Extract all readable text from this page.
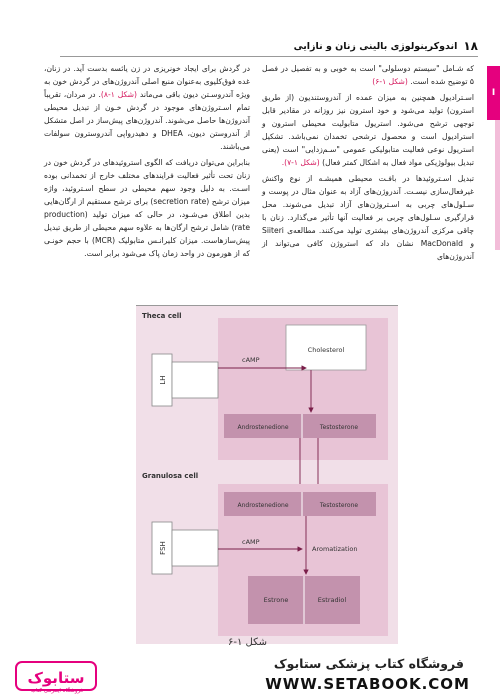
۱۸
اندوکرینولوژی بالینی زنان و نازایی
I

که شـامل "سیستم دوسلولی" است به خوبی و به تفصیل در فصل ۵ توضیح شده است. (شکل ۱-۶)

اسـترادیول همچنین به میزان عمده از آندروستندیون (از طریق استرون) تولید می‌شود و خود استرون نیز روزانه در مقادیر قابل توجهی ترشح می‌شود. استریول متابولیت محیطی استرون و استرادیول است و محصول ترشحی تخمدان نمی‌باشد. تشکیل استریول نوعی فعالیت متابولیکی عمومی "سـم‌زدایی" است (یعنی تبدیل بیولوژیکی مواد فعال به اشکال کمتر فعال) (شکل ۱-۷).

تبدیل اسـتروئیدها در بافـت محیطی همیشـه از نوع واکنش غیرفعال‌سازی نیسـت. آندروژن‌های آزاد به عنوان مثال در پوست و سـلول‌های چربی به اسـتروژن‌های آزاد تبدیل می‌شوند. محل قرارگیری سـلول‌های چربی بر فعالیت آنها تأثیر می‌گذارد. زنان با چاقی مرکزی آندروژن‌های بیشتری تولید می‌کنند. مطالعه‌ی Siiteri و MacDonald نشان داد که استروژن کافی می‌تواند از آندروژن‌های

در گردش برای ایجاد خونریزی در زن یائسه بدست آید. در زنان، غده فوق‌کلیوی به‌عنوان منبع اصلی آندروژن‌های در گردش خون به ویژه آندروسـتن دیون باقی می‌ماند (شکل ۱-۸). در مردان، تقریباً تمام اسـتروژن‌های موجود در گردش خـون از تبدیل محیطی آندروژن‌ها حاصل می‌شوند. آندروژن‌های پیش‌ساز در اصل متشکل از آندروستن دیون، DHEA و دهیدرواپی آندروسترون سولفات می‌باشند.

بنابراین می‌توان دریافت که الگوی استروئیدهای در گردش خون در زنان تحت تأثیر فعالیت فرایندهای مختلف خارج از تخمدانی بوده اسـت. به دلیل وجود سهم محیطی در سطح اسـتروئید، واژه میزان ترشح (secretion rate) برای ترشح مستقیم از ارگان‌هایی بدین اطلاق می‌شـود، در حالی که میزان تولید (production rate) شامل ترشح ارگان‌ها به علاوه سهم محیطی از طریق تبدیل پیش‌سازهاست. میزان کلیرانـس متابولیک (MCR) با حجم خونـی که از هورمون در واحد زمان پاک می‌شود برابر است.

Theca cell
LH
Cholesterol
cAMP
Androstenedione	Testosterone
Granulosa cell
FSH
Androstenedione	Testosterone
cAMP
Aromatization
Estrone	Estradiol
شکل ۱-۶
ستابوک
فروشگاه اینترنتی کتاب
فروشگاه کتاب پزشکی ستابوک
WWW.SETABOOK.COM
